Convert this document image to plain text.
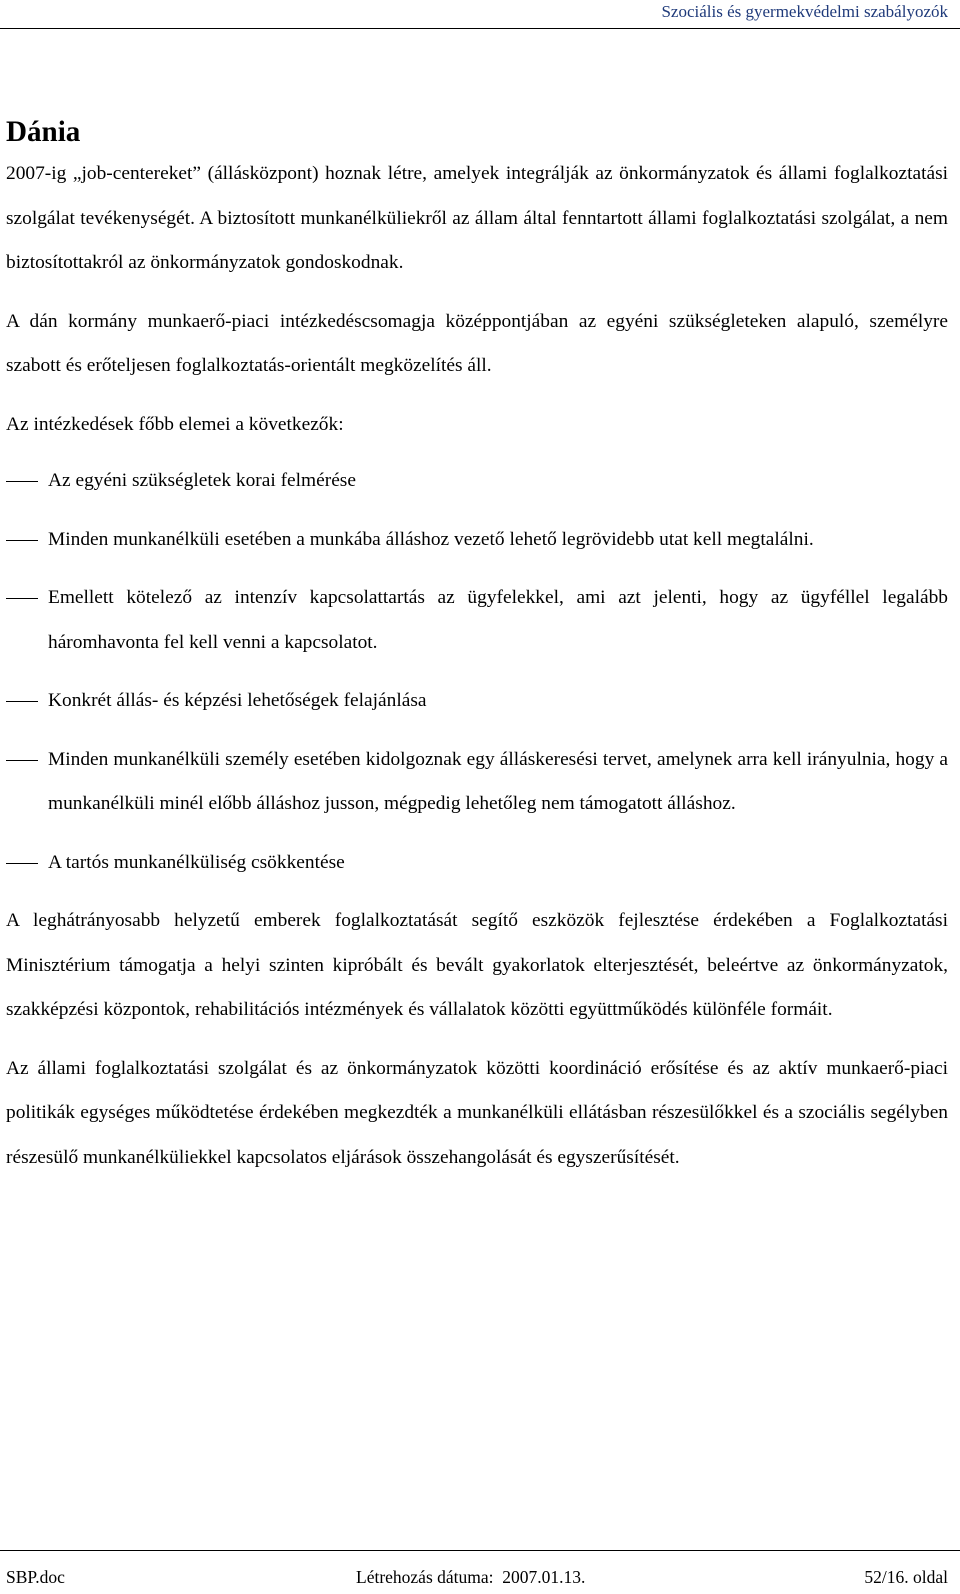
Szociális és gyermekvédelmi szabályozók
Dánia

2007-ig „job-centereket” (állásközpont) hoznak létre, amelyek integrálják az önkormányzatok és állami foglalkoztatási szolgálat tevékenységét. A biztosított munkanélküliekről az állam által fenntartott állami foglalkoztatási szolgálat, a nem biztosítottakról az önkormányzatok gondoskodnak.

A dán kormány munkaerő-piaci intézkedéscsomagja középpontjában az egyéni szükségleteken alapuló, személyre szabott és erőteljesen foglalkoztatás-orientált megközelítés áll.

Az intézkedések főbb elemei a következők:

Az egyéni szükségletek korai felmérése
Minden munkanélküli esetében a munkába álláshoz vezető lehető legrövidebb utat kell megtalálni.
Emellett kötelező az intenzív kapcsolattartás az ügyfelekkel, ami azt jelenti, hogy az ügyféllel legalább háromhavonta fel kell venni a kapcsolatot.
Konkrét állás- és képzési lehetőségek felajánlása
Minden munkanélküli személy esetében kidolgoznak egy álláskeresési tervet, amelynek arra kell irányulnia, hogy a munkanélküli minél előbb álláshoz jusson, mégpedig lehetőleg nem támogatott álláshoz.
A tartós munkanélküliség csökkentése

A leghátrányosabb helyzetű emberek foglalkoztatását segítő eszközök fejlesztése érdekében a Foglalkoztatási Minisztérium támogatja a helyi szinten kipróbált és bevált gyakorlatok elterjesztését, beleértve az önkormányzatok, szakképzési központok, rehabilitációs intézmények és vállalatok közötti együttműködés különféle formáit.

Az állami foglalkoztatási szolgálat és az önkormányzatok közötti koordináció erősítése és az aktív munkaerő-piaci politikák egységes működtetése érdekében megkezdték a munkanélküli ellátásban részesülőkkel és a szociális segélyben részesülő munkanélküliekkel kapcsolatos eljárások összehangolását és egyszerűsítését.

SBP.doc	Létrehozás dátuma:  2007.01.13.	52/16. oldal
